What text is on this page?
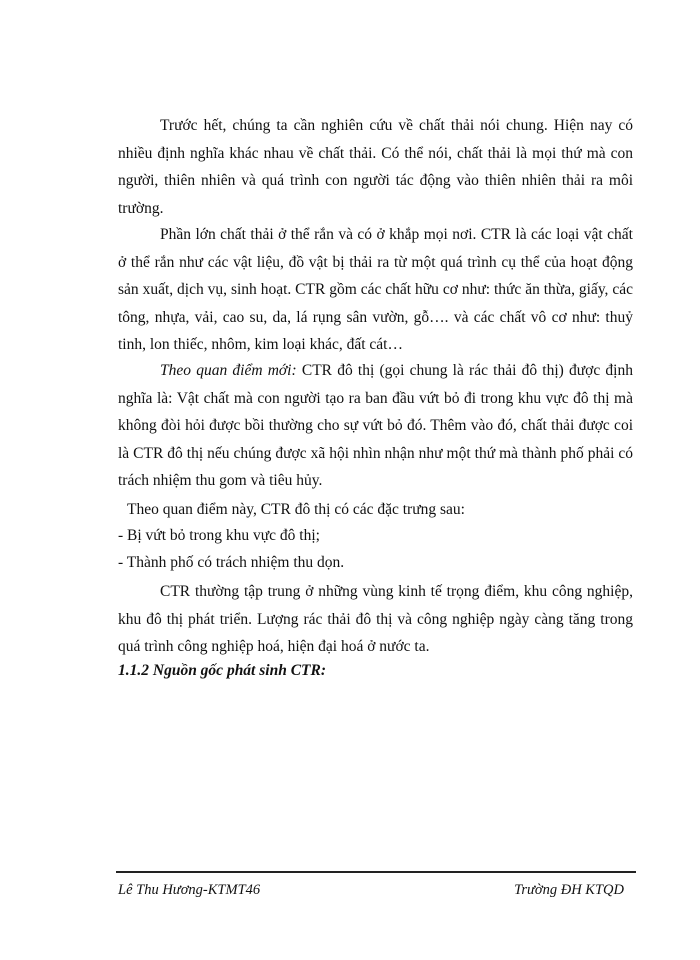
Trước hết, chúng ta cần nghiên cứu về chất thải nói chung. Hiện nay có nhiều định nghĩa khác nhau về chất thải. Có thể nói, chất thải là mọi thứ mà con người, thiên nhiên và quá trình con người tác động vào thiên nhiên thải ra môi trường.

Phần lớn chất thải ở thể rắn và có ở khắp mọi nơi. CTR là các loại vật chất ở thể rắn như các vật liệu, đồ vật bị thải ra từ một quá trình cụ thể của hoạt động sản xuất, dịch vụ, sinh hoạt. CTR gồm các chất hữu cơ như: thức ăn thừa, giấy, các tông, nhựa, vải, cao su, da, lá rụng sân vườn, gỗ…. và các chất vô cơ như: thuỷ tinh, lon thiếc, nhôm, kim loại khác, đất cát…

Theo quan điểm mới: CTR đô thị (gọi chung là rác thải đô thị) được định nghĩa là: Vật chất mà con người tạo ra ban đầu vứt bỏ đi trong khu vực đô thị mà không đòi hỏi được bồi thường cho sự vứt bỏ đó. Thêm vào đó, chất thải được coi là CTR đô thị nếu chúng được xã hội nhìn nhận như một thứ mà thành phố phải có trách nhiệm thu gom và tiêu hủy.

Theo quan điểm này, CTR đô thị có các đặc trưng sau:

- Bị vứt bỏ trong khu vực đô thị;

- Thành phố có trách nhiệm thu dọn.

CTR thường tập trung ở những vùng kinh tế trọng điểm, khu công nghiệp, khu đô thị phát triển. Lượng rác thải đô thị và công nghiệp ngày càng tăng trong quá trình công nghiệp hoá, hiện đại hoá ở nước ta.

1.1.2 Nguồn gốc phát sinh CTR:

Lê Thu Hương-KTMT46	Trường ĐH KTQD
